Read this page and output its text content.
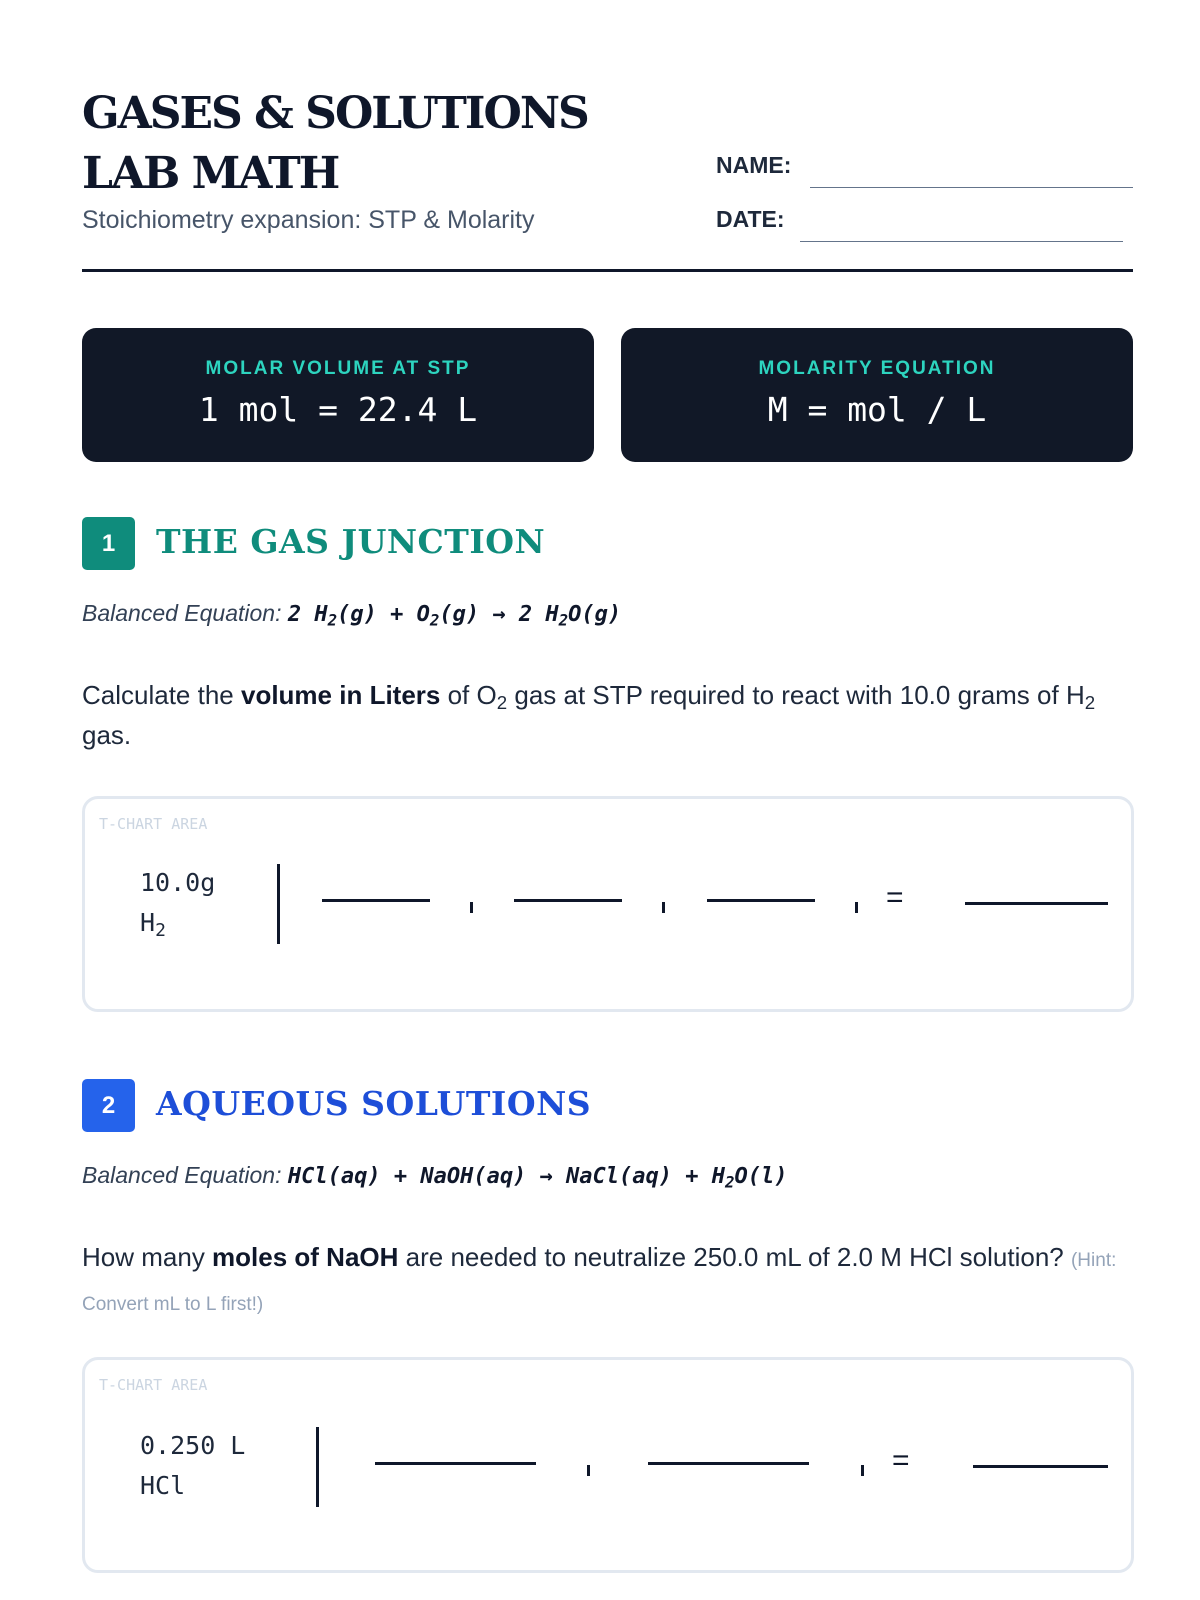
GASES & SOLUTIONS LAB MATH
Stoichiometry expansion: STP & Molarity
NAME:
DATE:
MOLAR VOLUME AT STP
1 mol = 22.4 L
MOLARITY EQUATION
M = mol / L
1	THE GAS JUNCTION
Balanced Equation: 2 $H_2(g) + O_2(g) \to 2$ $H_2O(g)$
Calculate the volume in Liters of $O_2$ gas at STP required to react with 10.0 grams of $H_2$ gas.
T-CHART AREA
10.0g
$H_2$
=
2	AQUEOUS SOLUTIONS
Balanced Equation: HCl(aq) + NaOH(aq) → NaCl(aq) + $H_2O(l)$
How many moles of NaOH are needed to neutralize 250.0 mL of 2.0 M HCl solution? (Hint: Convert mL to L first!)
T-CHART AREA
0.250 L
HCl
=
